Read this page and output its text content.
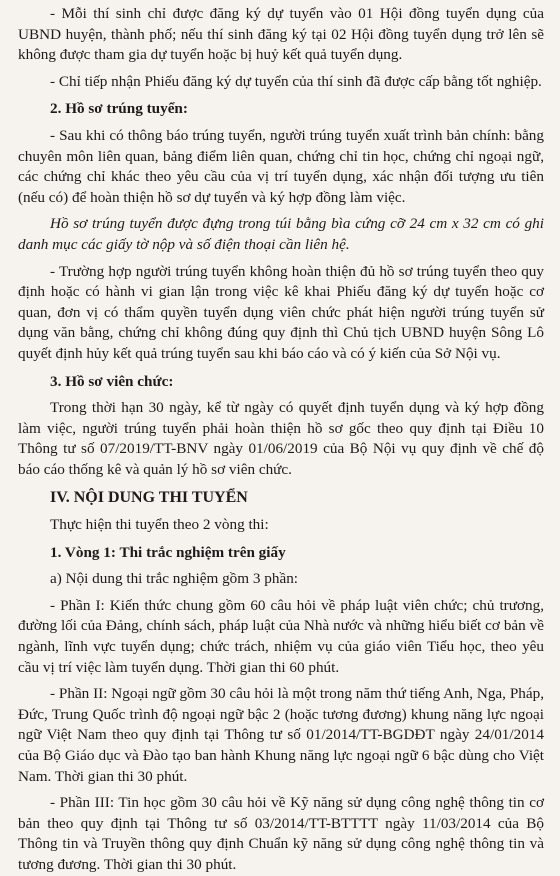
- Mỗi thí sinh chỉ được đăng ký dự tuyển vào 01 Hội đồng tuyển dụng của UBND huyện, thành phố; nếu thí sinh đăng ký tại 02 Hội đồng tuyển dụng trở lên sẽ không được tham gia dự tuyển hoặc bị huỷ kết quả tuyển dụng.

- Chỉ tiếp nhận Phiếu đăng ký dự tuyển của thí sinh đã được cấp bằng tốt nghiệp.

2. Hồ sơ trúng tuyển:

- Sau khi có thông báo trúng tuyển, người trúng tuyển xuất trình bản chính: bằng chuyên môn liên quan, bảng điểm liên quan, chứng chỉ tin học, chứng chỉ ngoại ngữ, các chứng chỉ khác theo yêu cầu của vị trí tuyển dụng, xác nhận đối tượng ưu tiên (nếu có) để hoàn thiện hồ sơ dự tuyển và ký hợp đồng làm việc.

Hồ sơ trúng tuyển được đựng trong túi bằng bìa cứng cỡ 24 cm x 32 cm có ghi danh mục các giấy tờ nộp và số điện thoại cần liên hệ.

- Trường hợp người trúng tuyển không hoàn thiện đủ hồ sơ trúng tuyển theo quy định hoặc có hành vi gian lận trong việc kê khai Phiếu đăng ký dự tuyển hoặc cơ quan, đơn vị có thẩm quyền tuyển dụng viên chức phát hiện người trúng tuyển sử dụng văn bằng, chứng chỉ không đúng quy định thì Chủ tịch UBND huyện Sông Lô quyết định hủy kết quả trúng tuyển sau khi báo cáo và có ý kiến của Sở Nội vụ.

3. Hồ sơ viên chức:

Trong thời hạn 30 ngày, kể từ ngày có quyết định tuyển dụng và ký hợp đồng làm việc, người trúng tuyển phải hoàn thiện hồ sơ gốc theo quy định tại Điều 10 Thông tư số 07/2019/TT-BNV ngày 01/06/2019 của Bộ Nội vụ quy định về chế độ báo cáo thống kê và quản lý hồ sơ viên chức.

IV. NỘI DUNG THI TUYỂN

Thực hiện thi tuyển theo 2 vòng thi:

1. Vòng 1: Thi trắc nghiệm trên giấy

a) Nội dung thi trắc nghiệm gồm 3 phần:

- Phần I: Kiến thức chung gồm 60 câu hỏi về pháp luật viên chức; chủ trương, đường lối của Đảng, chính sách, pháp luật của Nhà nước và những hiểu biết cơ bản về ngành, lĩnh vực tuyển dụng; chức trách, nhiệm vụ của giáo viên Tiểu học, theo yêu cầu vị trí việc làm tuyển dụng. Thời gian thi 60 phút.

- Phần II: Ngoại ngữ gồm 30 câu hỏi là một trong năm thứ tiếng Anh, Nga, Pháp, Đức, Trung Quốc trình độ ngoại ngữ bậc 2 (hoặc tương đương) khung năng lực ngoại ngữ Việt Nam theo quy định tại Thông tư số 01/2014/TT-BGDĐT ngày 24/01/2014 của Bộ Giáo dục và Đào tạo ban hành Khung năng lực ngoại ngữ 6 bậc dùng cho Việt Nam. Thời gian thi 30 phút.

- Phần III: Tin học gồm 30 câu hỏi về Kỹ năng sử dụng công nghệ thông tin cơ bản theo quy định tại Thông tư số 03/2014/TT-BTTTT ngày 11/03/2014 của Bộ Thông tin và Truyền thông quy định Chuẩn kỹ năng sử dụng công nghệ thông tin và tương đương. Thời gian thi 30 phút.
